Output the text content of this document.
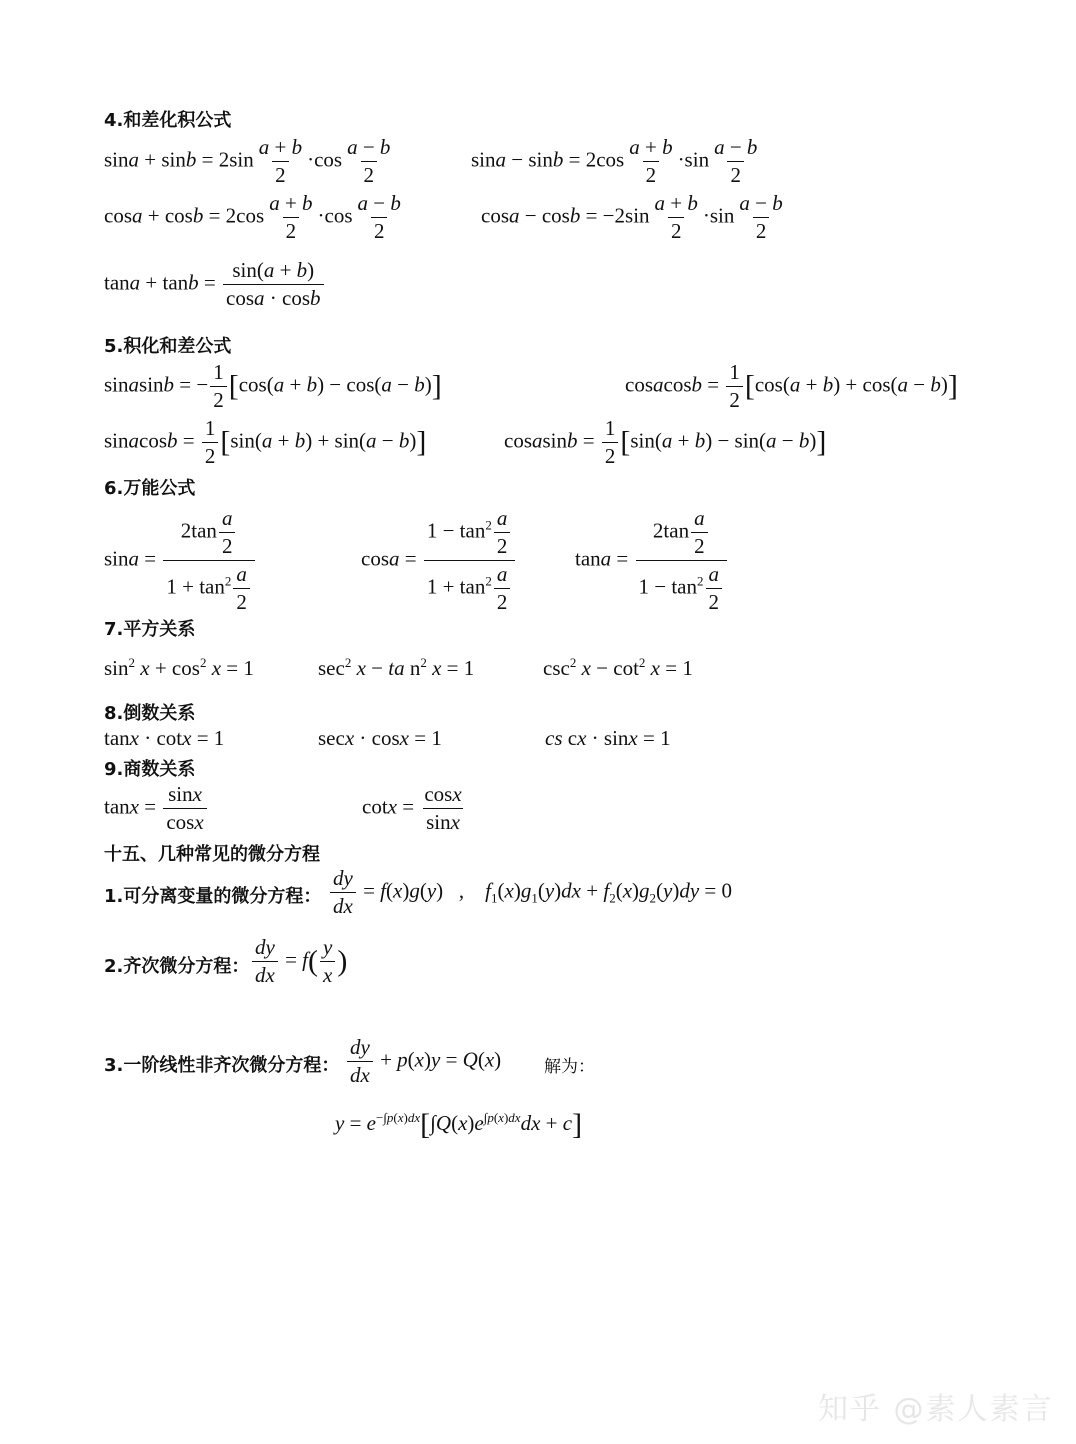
4.和差化积公式
$\sin a + \sin b = 2\sin \frac{a + b}{2} \cdot\cos \frac{a - b}{2}$	$\sin a - \sin b = 2\cos \frac{a + b}{2} \cdot\sin \frac{a - b}{2}$
$\cos a + \cos b = 2\cos \frac{a + b}{2} \cdot\cos \frac{a - b}{2}$	$\cos a - \cos b = -2\sin \frac{a + b}{2} \cdot\sin \frac{a - b}{2}$
$\tan a + \tan b = \frac{\sin(a + b)}{\cos a \cdot \cos b}$
5.积化和差公式
sinasinb = − $\frac{1}{2} [\cos(a + b) - \cos(a - b)]$	cosacosb = $\frac{1}{2} [\cos(a + b) + \cos(a - b)]$
sinacosb = $\frac{1}{2} [\sin(a + b) + \sin(a - b)]$	cosasinb = $\frac{1}{2} [\sin(a + b) - \sin(a - b)]$
6.万能公式
$\sin a = \frac{2\tan \frac{a}{2}}{1 + \tan^2 \frac{a}{2}}$	$\cos a = \frac{1 - \tan^2 \frac{a}{2}}{1 + \tan^2 \frac{a}{2}}$	$\tan a = \frac{2\tan \frac{a}{2}}{1 - \tan^2 \frac{a}{2}}$
7.平方关系
$\sin^2 x + \cos^2 x = 1$	$\sec^2 x$ − ta $n^2$ x = 1	$\csc^2 x - \cot^2 x = 1$
8.倒数关系
tanx · cotx = 1	secx · cosx = 1	cs cx · sinx = 1
9.商数关系
$\tan x = \frac{\sin x}{\cos x}$	$\cot x = \frac{\cos x}{\sin x}$
十五、几种常见的微分方程
1.可分离变量的微分方程： $\frac{dy}{dx} = f(x)g(y)$   ,    $f_1(x)g_1(y)dx + f_2(x)g_2(y)dy = 0$
2.齐次微分方程： $\frac{dy}{dx} = f( \frac{y}{x}$ )
3.一阶线性非齐次微分方程： $\frac{dy}{dx} + p(x)y = Q(x)$	解为：
$y = e^{-\int p(x)dx}[\int Q(x)e^{\int p(x)dx}dx + c]$
知乎 @素人素言
